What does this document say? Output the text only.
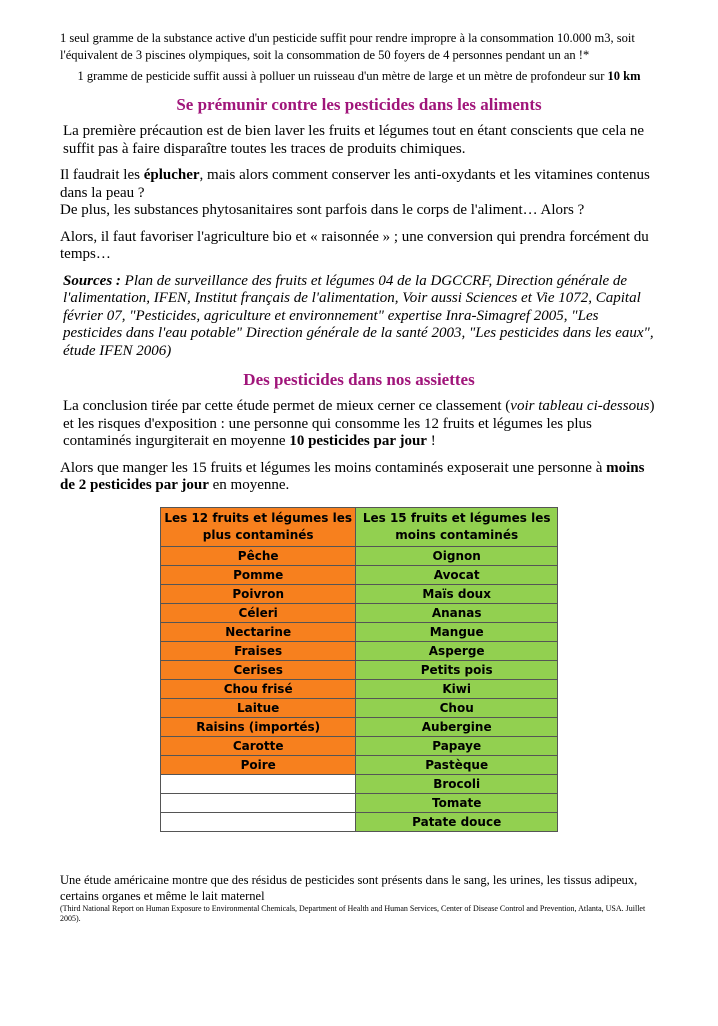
1 seul gramme de la substance active d'un pesticide suffit pour rendre impropre à la consommation 10.000 m3, soit l'équivalent de 3 piscines olympiques, soit la consommation de 50 foyers de 4 personnes pendant un an !*

1 gramme de pesticide suffit aussi à polluer un ruisseau d'un mètre de large et un mètre de profondeur sur 10 km

Se prémunir contre les pesticides dans les aliments

La première précaution est de bien laver les fruits et légumes tout en étant conscients que cela ne suffit pas à faire disparaître toutes les traces de produits chimiques.

Il faudrait les éplucher, mais alors comment conserver les anti-oxydants et les vitamines contenus dans la peau ?
De plus, les substances phytosanitaires sont parfois dans le corps de l'aliment… Alors ?

Alors, il faut favoriser l'agriculture bio et « raisonnée » ; une conversion qui prendra forcément du temps…

Sources : Plan de surveillance des fruits et légumes 04 de la DGCCRF, Direction générale de l'alimentation, IFEN, Institut français de l'alimentation, Voir aussi Sciences et Vie 1072, Capital février 07, "Pesticides, agriculture et environnement" expertise Inra-Simagref 2005, "Les pesticides dans l'eau potable" Direction générale de la santé 2003, "Les pesticides dans les eaux", étude IFEN 2006)

Des pesticides dans nos assiettes

La conclusion tirée par cette étude permet de mieux cerner ce classement (voir tableau ci-dessous) et les risques d'exposition : une personne qui consomme les 12 fruits et légumes les plus contaminés ingurgiterait en moyenne 10 pesticides par jour !

Alors que manger les 15 fruits et légumes les moins contaminés exposerait une personne à moins de 2 pesticides par jour en moyenne.

Les 12 fruits et légumes les plus contaminés	Les 15 fruits et légumes les moins contaminés
Pêche	Oignon
Pomme	Avocat
Poivron	Maïs doux
Céleri	Ananas
Nectarine	Mangue
Fraises	Asperge
Cerises	Petits pois
Chou frisé	Kiwi
Laitue	Chou
Raisins (importés)	Aubergine
Carotte	Papaye
Poire	Pastèque
	Brocoli
	Tomate
	Patate douce

Une étude américaine montre que des résidus de pesticides sont présents dans le sang, les urines, les tissus adipeux, certains organes et même le lait maternel

(Third National Report on Human Exposure to Environmental Chemicals, Department of Health and Human Services, Center of Disease Control and Prevention, Atlanta, USA. Juillet 2005).
